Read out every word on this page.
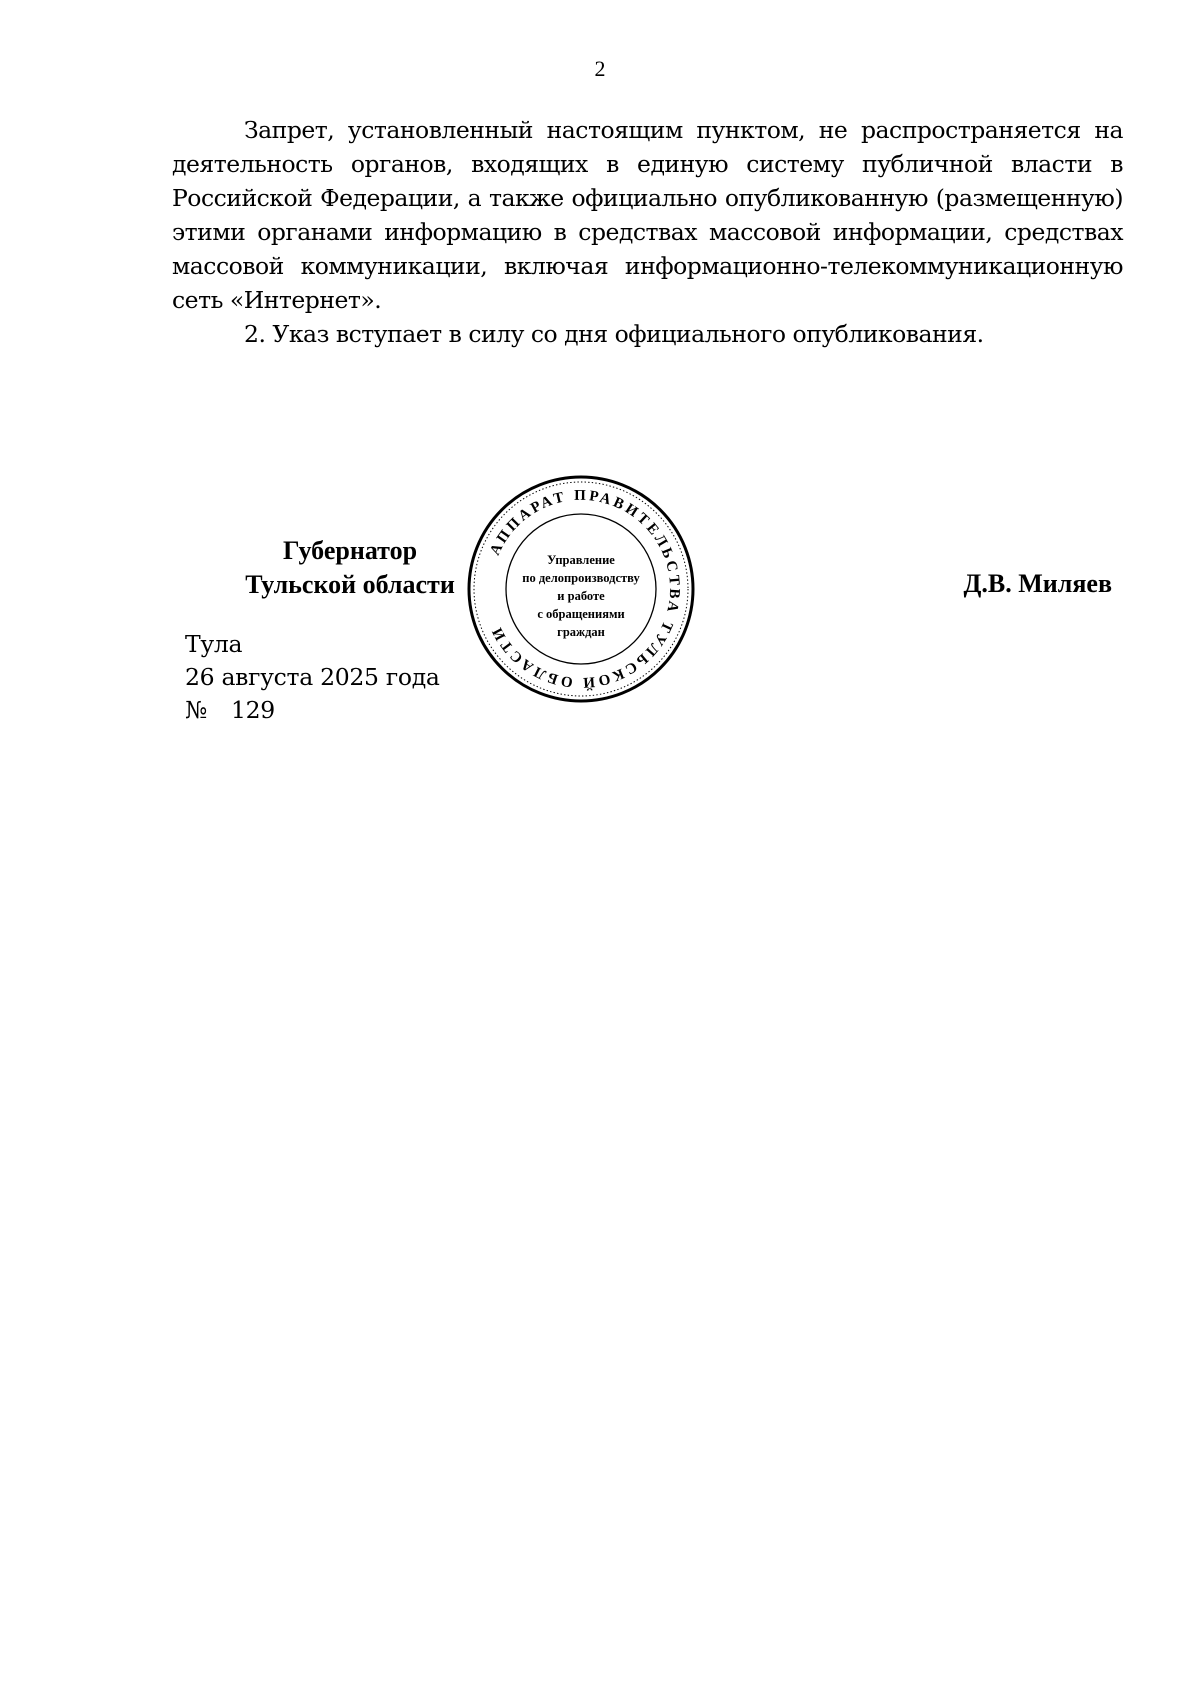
2

Запрет, установленный настоящим пунктом, не распространяется на деятельность органов, входящих в единую систему публичной власти в Российской Федерации, а также официально опубликованную (размещенную) этими органами информацию в средствах массовой информации, средствах массовой коммуникации, включая информационно-телекоммуникационную сеть «Интернет».

2. Указ вступает в силу со дня официального опубликования.

Губернатор
Тульской области	Д.В. Миляев
Тула
26 августа 2025 года
№ 129
АППАРАТ ПРАВИТЕЛЬСТВА ТУЛЬСКОЙ ОБЛАСТИ
Управление
по делопроизводству
и работе
с обращениями
граждан
